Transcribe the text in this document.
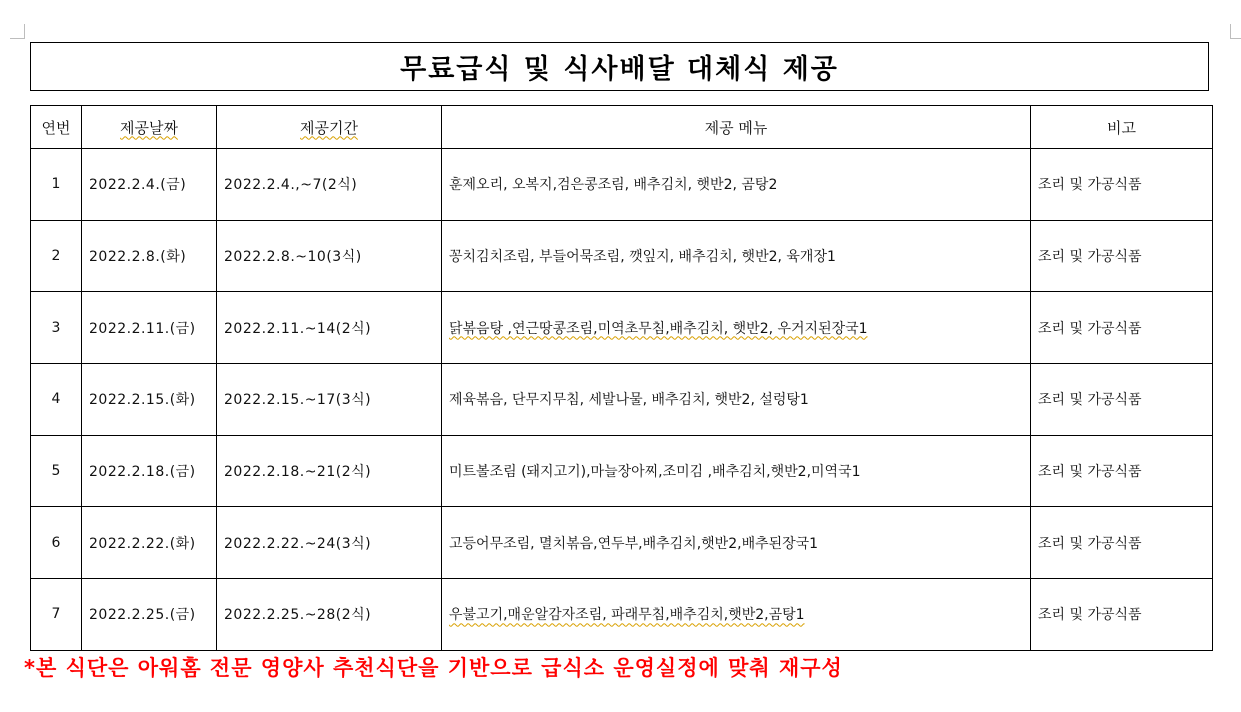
무료급식 및 식사배달 대체식 제공
연번	제공날짜	제공기간	제공 메뉴	비고
1	2022.2.4.(금)	2022.2.4.,~7(2식)	훈제오리, 오복지,검은콩조림, 배추김치, 햇반2, 곰탕2	조리 및 가공식품
2	2022.2.8.(화)	2022.2.8.~10(3식)	꽁치김치조림, 부들어묵조림, 깻잎지, 배추김치, 햇반2, 육개장1	조리 및 가공식품
3	2022.2.11.(금)	2022.2.11.~14(2식)	닭볶음탕 ,연근땅콩조림,미역초무침,배추김치, 햇반2, 우거지된장국1	조리 및 가공식품
4	2022.2.15.(화)	2022.2.15.~17(3식)	제육볶음, 단무지무침, 세발나물, 배추김치, 햇반2, 설렁탕1	조리 및 가공식품
5	2022.2.18.(금)	2022.2.18.~21(2식)	미트볼조림 (돼지고기),마늘장아찌,조미김 ,배추김치,햇반2,미역국1	조리 및 가공식품
6	2022.2.22.(화)	2022.2.22.~24(3식)	고등어무조림, 멸치볶음,연두부,배추김치,햇반2,배추된장국1	조리 및 가공식품
7	2022.2.25.(금)	2022.2.25.~28(2식)	우불고기,매운알감자조림, 파래무침,배추김치,햇반2,곰탕1	조리 및 가공식품
*본 식단은 아워홈 전문 영양사 추천식단을 기반으로 급식소 운영실정에 맞춰 재구성
